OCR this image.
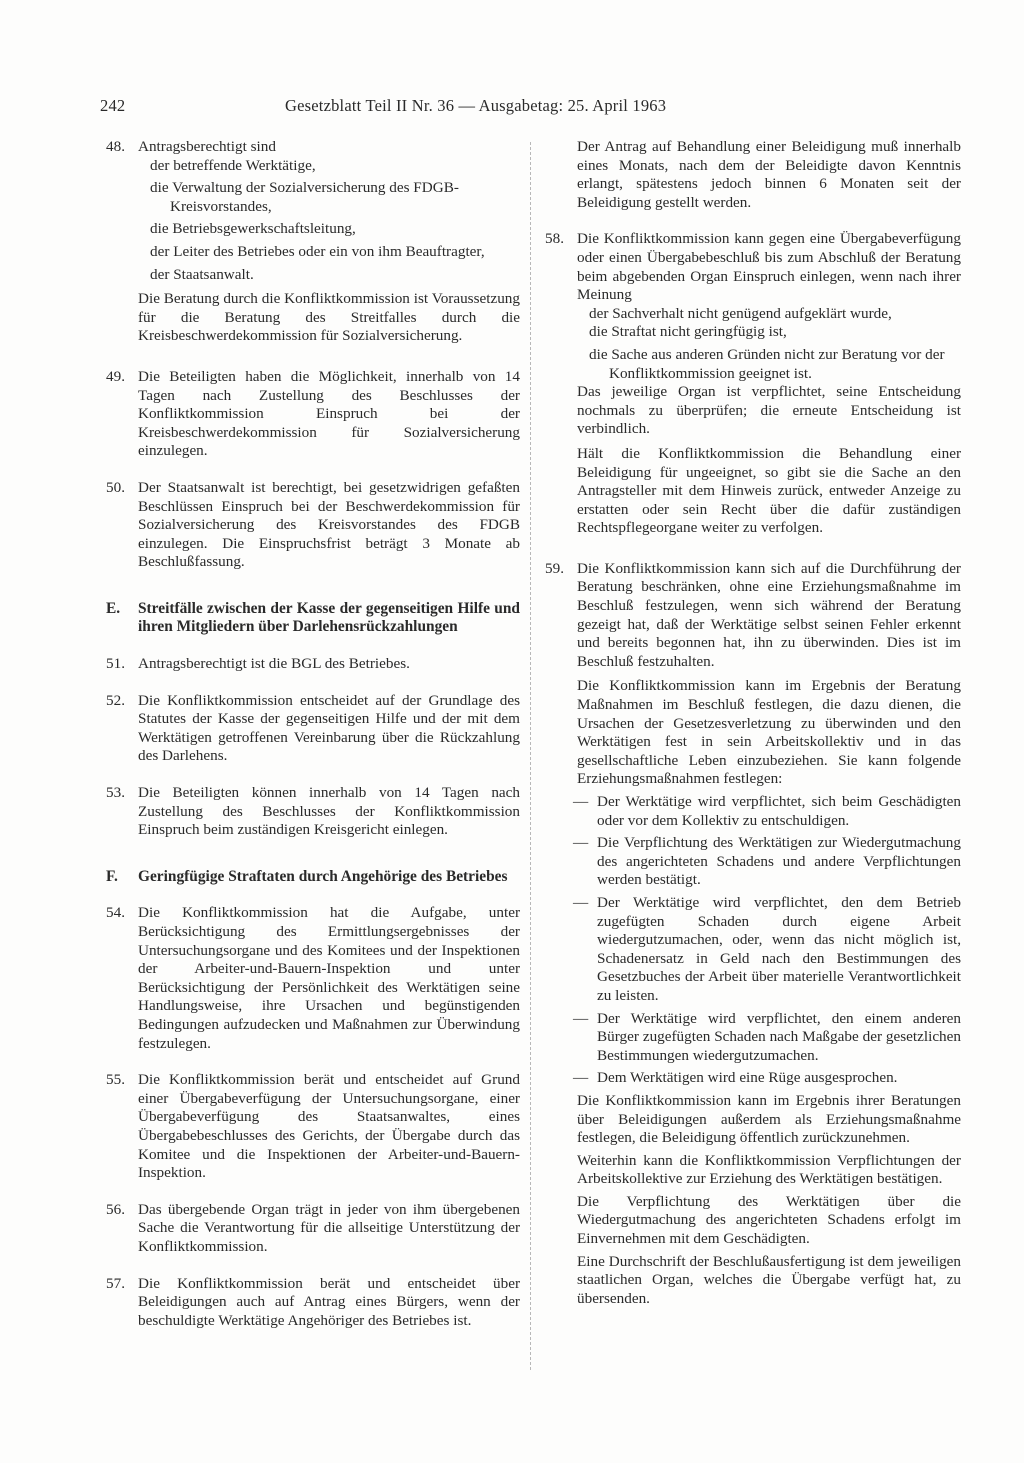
242	Gesetzblatt Teil II Nr. 36 — Ausgabetag: 25. April 1963
48. Antragsberechtigt sind

der betreffende Werktätige,

die Verwaltung der Sozialversicherung des FDGB-Kreisvorstandes,

die Betriebsgewerkschaftsleitung,

der Leiter des Betriebes oder ein von ihm Beauftragter,

der Staatsanwalt.

Die Beratung durch die Konfliktkommission ist Voraussetzung für die Beratung des Streitfalles durch die Kreisbeschwerdekommission für Sozialversicherung.

49. Die Beteiligten haben die Möglichkeit, innerhalb von 14 Tagen nach Zustellung des Beschlusses der Konfliktkommission Einspruch bei der Kreisbeschwerdekommission für Sozialversicherung einzulegen.

50. Der Staatsanwalt ist berechtigt, bei gesetzwidrigen gefaßten Beschlüssen Einspruch bei der Beschwerdekommission für Sozialversicherung des Kreisvorstandes des FDGB einzulegen. Die Einspruchsfrist beträgt 3 Monate ab Beschlußfassung.

E. Streitfälle zwischen der Kasse der gegenseitigen Hilfe und ihren Mitgliedern über Darlehensrückzahlungen

51. Antragsberechtigt ist die BGL des Betriebes.

52. Die Konfliktkommission entscheidet auf der Grundlage des Statutes der Kasse der gegenseitigen Hilfe und der mit dem Werktätigen getroffenen Vereinbarung über die Rückzahlung des Darlehens.

53. Die Beteiligten können innerhalb von 14 Tagen nach Zustellung des Beschlusses der Konfliktkommission Einspruch beim zuständigen Kreisgericht einlegen.

F. Geringfügige Straftaten durch Angehörige des Betriebes

54. Die Konfliktkommission hat die Aufgabe, unter Berücksichtigung des Ermittlungsergebnisses der Untersuchungsorgane und des Komitees und der Inspektionen der Arbeiter-und-Bauern-Inspektion und unter Berücksichtigung der Persönlichkeit des Werktätigen seine Handlungsweise, ihre Ursachen und begünstigenden Bedingungen aufzudecken und Maßnahmen zur Überwindung festzulegen.

55. Die Konfliktkommission berät und entscheidet auf Grund einer Übergabeverfügung der Untersuchungsorgane, einer Übergabeverfügung des Staatsanwaltes, eines Übergabebeschlusses des Gerichts, der Übergabe durch das Komitee und die Inspektionen der Arbeiter-und-Bauern-Inspektion.

56. Das übergebende Organ trägt in jeder von ihm übergebenen Sache die Verantwortung für die allseitige Unterstützung der Konfliktkommission.

57. Die Konfliktkommission berät und entscheidet über Beleidigungen auch auf Antrag eines Bürgers, wenn der beschuldigte Werktätige Angehöriger des Betriebes ist.

Der Antrag auf Behandlung einer Beleidigung muß innerhalb eines Monats, nach dem der Beleidigte davon Kenntnis erlangt, spätestens jedoch binnen 6 Monaten seit der Beleidigung gestellt werden.

58. Die Konfliktkommission kann gegen eine Übergabeverfügung oder einen Übergabebeschluß bis zum Abschluß der Beratung beim abgebenden Organ Einspruch einlegen, wenn nach ihrer Meinung

der Sachverhalt nicht genügend aufgeklärt wurde,

die Straftat nicht geringfügig ist,

die Sache aus anderen Gründen nicht zur Beratung vor der Konfliktkommission geeignet ist.

Das jeweilige Organ ist verpflichtet, seine Entscheidung nochmals zu überprüfen; die erneute Entscheidung ist verbindlich.

Hält die Konfliktkommission die Behandlung einer Beleidigung für ungeeignet, so gibt sie die Sache an den Antragsteller mit dem Hinweis zurück, entweder Anzeige zu erstatten oder sein Recht über die dafür zuständigen Rechtspflegeorgane weiter zu verfolgen.

59. Die Konfliktkommission kann sich auf die Durchführung der Beratung beschränken, ohne eine Erziehungsmaßnahme im Beschluß festzulegen, wenn sich während der Beratung gezeigt hat, daß der Werktätige selbst seinen Fehler erkennt und bereits begonnen hat, ihn zu überwinden. Dies ist im Beschluß festzuhalten.

Die Konfliktkommission kann im Ergebnis der Beratung Maßnahmen im Beschluß festlegen, die dazu dienen, die Ursachen der Gesetzesverletzung zu überwinden und den Werktätigen fest in sein Arbeitskollektiv und in das gesellschaftliche Leben einzubeziehen. Sie kann folgende Erziehungsmaßnahmen festlegen:

— Der Werktätige wird verpflichtet, sich beim Geschädigten oder vor dem Kollektiv zu entschuldigen.

— Die Verpflichtung des Werktätigen zur Wiedergutmachung des angerichteten Schadens und andere Verpflichtungen werden bestätigt.

— Der Werktätige wird verpflichtet, den dem Betrieb zugefügten Schaden durch eigene Arbeit wiedergutzumachen, oder, wenn das nicht möglich ist, Schadenersatz in Geld nach den Bestimmungen des Gesetzbuches der Arbeit über materielle Verantwortlichkeit zu leisten.

— Der Werktätige wird verpflichtet, den einem anderen Bürger zugefügten Schaden nach Maßgabe der gesetzlichen Bestimmungen wiedergutzumachen.

— Dem Werktätigen wird eine Rüge ausgesprochen.

Die Konfliktkommission kann im Ergebnis ihrer Beratungen über Beleidigungen außerdem als Erziehungsmaßnahme festlegen, die Beleidigung öffentlich zurückzunehmen.

Weiterhin kann die Konfliktkommission Verpflichtungen der Arbeitskollektive zur Erziehung des Werktätigen bestätigen.

Die Verpflichtung des Werktätigen über die Wiedergutmachung des angerichteten Schadens erfolgt im Einvernehmen mit dem Geschädigten.

Eine Durchschrift der Beschlußausfertigung ist dem jeweiligen staatlichen Organ, welches die Übergabe verfügt hat, zu übersenden.
